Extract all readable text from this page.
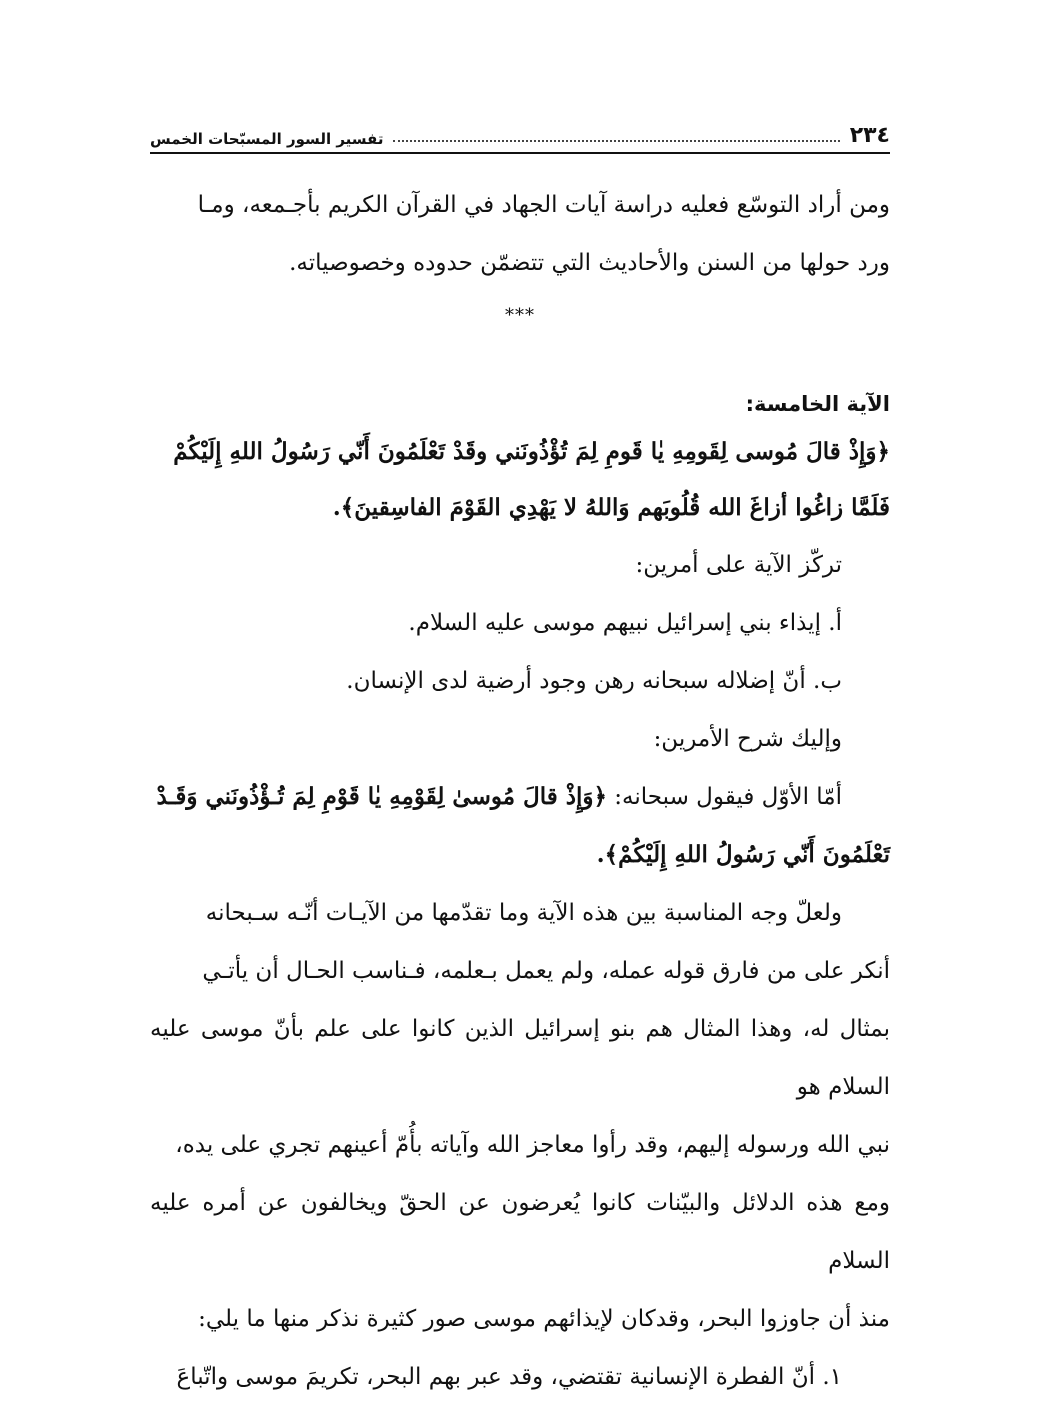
٢٣٤
تفسير السور المسبّحات الخمس

ومن أراد التوسّع فعليه دراسة آيات الجهاد في القرآن الكريم بأجـمعه، ومـا

ورد حولها من السنن والأحاديث التي تتضمّن حدوده وخصوصياته.

***
الآية الخامسة:

﴿وَإِذْ قالَ مُوسى لِقَومِهِ يٰا قَومِ لِمَ تُؤْذُونَني وقَدْ تَعْلَمُونَ أَنّي رَسُولُ اللهِ إِلَيْكُمْ

فَلَمَّا زاغُوا أزاغَ الله قُلُوبَهم وَاللهُ لا يَهْدِي القَوْمَ الفاسِقينَ﴾.

تركّز الآية على أمرين:

أ. إيذاء بني إسرائيل نبيهم موسى عليه السلام.

ب. أنّ إضلاله سبحانه رهن وجود أرضية لدى الإنسان.

وإليك شرح الأمرين:

أمّا الأوّل فيقول سبحانه: ﴿وَإِذْ قالَ مُوسىٰ لِقَوْمِهِ يٰا قَوْمِ لِمَ تُـؤْذُونَني وَقَـدْ

تَعْلَمُونَ أَنّي رَسُولُ اللهِ إِلَيْكُمْ﴾.

ولعلّ وجه المناسبة بين هذه الآية وما تقدّمها من الآيـات أنّـه سـبحانه

أنكر على من فارق قوله عمله، ولم يعمل بـعلمه، فـناسب الحـال أن يأتـي

بمثال له، وهذا المثال هم بنو إسرائيل الذين كانوا على علم بأنّ موسى عليه السلام هو

نبي الله ورسوله إليهم، وقد رأوا معاجز الله وآياته بأُمّ أعينهم تجري على يده،

ومع هذه الدلائل والبيّنات كانوا يُعرضون عن الحقّ ويخالفون عن أمره عليه السلام

منذ أن جاوزوا البحر، وقدكان لإيذائهم موسى صور كثيرة نذكر منها ما يلي:

١. أنّ الفطرة الإنسانية تقتضي، وقد عبر بهم البحر، تكريمَ موسى واتّباعَ
